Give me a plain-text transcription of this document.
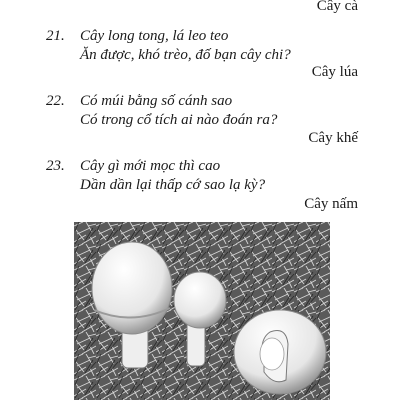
Cây cà
21. Cây long tong, lá leo teo
Ăn được, khó trèo, đố bạn cây chi?
Cây lúa
22. Có múi bằng số cánh sao
Có trong cổ tích ai nào đoán ra?
Cây khế
23. Cây gì mới mọc thì cao
Dần dần lại thấp cớ sao lạ kỳ?
Cây nấm
